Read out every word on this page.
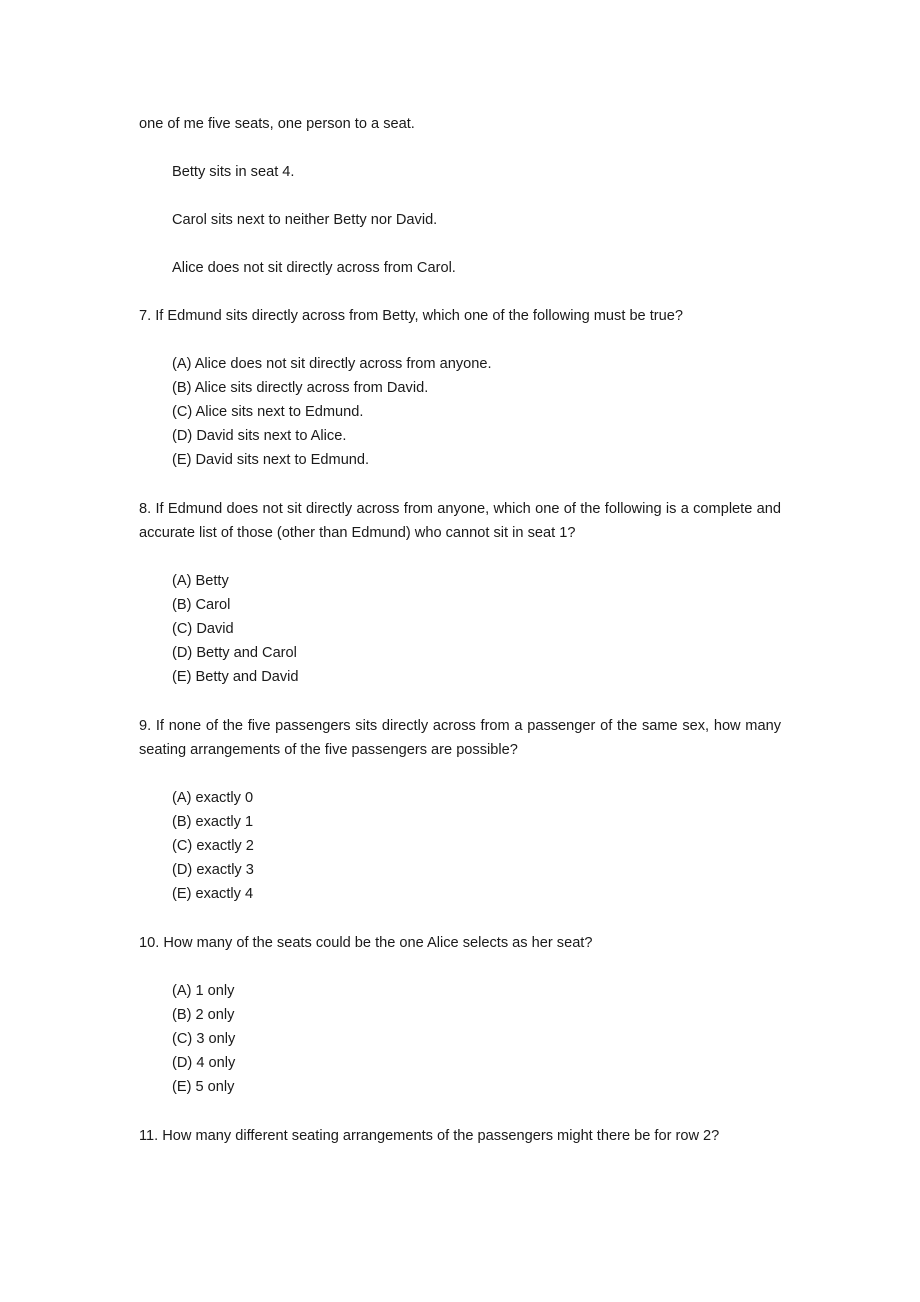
one of me five seats, one person to a seat.
Betty sits in seat 4.
Carol sits next to neither Betty nor David.
Alice does not sit directly across from Carol.
7. If Edmund sits directly across from Betty, which one of the following must be true?
(A) Alice does not sit directly across from anyone.
(B) Alice sits directly across from David.
(C) Alice sits next to Edmund.
(D) David sits next to Alice.
(E) David sits next to Edmund.
8. If Edmund does not sit directly across from anyone, which one of the following is a complete and accurate list of those (other than Edmund) who cannot sit in seat 1?
(A) Betty
(B) Carol
(C) David
(D) Betty and Carol
(E) Betty and David
9. If none of the five passengers sits directly across from a passenger of the same sex, how many seating arrangements of the five passengers are possible?
(A) exactly 0
(B) exactly 1
(C) exactly 2
(D) exactly 3
(E) exactly 4
10. How many of the seats could be the one Alice selects as her seat?
(A) 1 only
(B) 2 only
(C) 3 only
(D) 4 only
(E) 5 only
11. How many different seating arrangements of the passengers might there be for row 2?
